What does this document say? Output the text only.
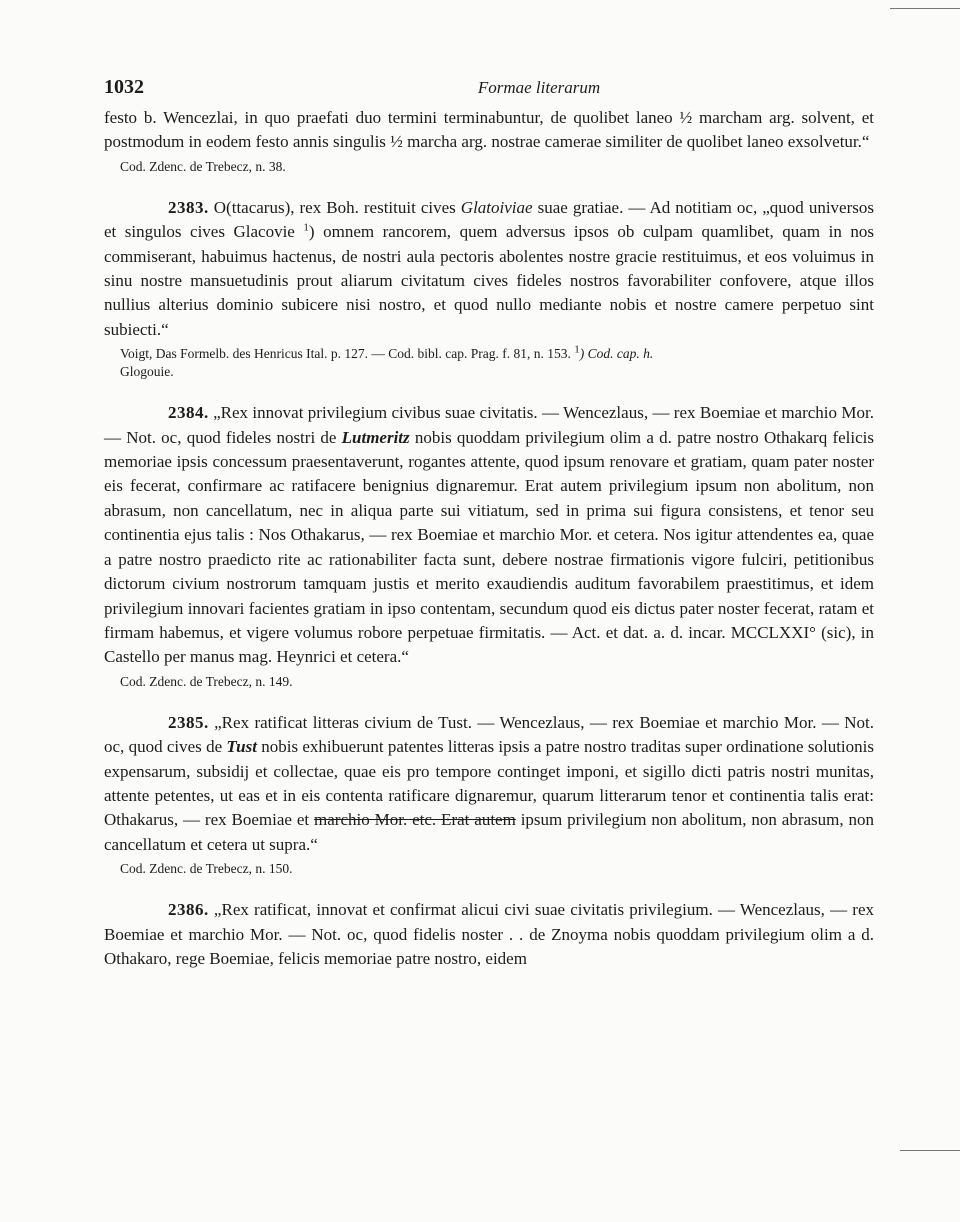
1032	Formae literarum

festo b. Wencezlai, in quo praefati duo termini terminabuntur, de quolibet laneo ½ marcham arg. solvent, et postmodum in eodem festo annis singulis ½ marcha arg. nostrae camerae similiter de quolibet laneo exsolvetur.“

Cod. Zdenc. de Trebecz, n. 38.

2383. O(ttacarus), rex Boh. restituit cives Glatoiviae suae gratiae. — Ad notitiam oc, „quod universos et singulos cives Glacovie $^1$) omnem rancorem, quem adversus ipsos ob culpam quamlibet, quam in nos commiserant, habuimus hactenus, de nostri aula pectoris abolentes nostre gracie restituimus, et eos voluimus in sinu nostre mansuetudinis prout aliarum civitatum cives fideles nostros favorabiliter confovere, atque illos nullius alterius dominio subicere nisi nostro, et quod nullo mediante nobis et nostre camere perpetuo sint subiecti.“

Voigt, Das Formelb. des Henricus Ital. p. 127. — Cod. bibl. cap. Prag. f. 81, n. 153. $^1$) Cod. cap. h.
Glogouie.

2384. „Rex innovat privilegium civibus suae civitatis. — Wencezlaus, — rex Boemiae et marchio Mor. — Not. oc, quod fideles nostri de Lutmeritz nobis quoddam privilegium olim a d. patre nostro Othakarq felicis memoriae ipsis concessum praesentaverunt, rogantes attente, quod ipsum renovare et gratiam, quam pater noster eis fecerat, confirmare ac ratifacere benignius dignaremur. Erat autem privilegium ipsum non abolitum, non abrasum, non cancellatum, nec in aliqua parte sui vitiatum, sed in prima sui figura consistens, et tenor seu continentia ejus talis : Nos Othakarus, — rex Boemiae et marchio Mor. et cetera. Nos igitur attendentes ea, quae a patre nostro praedicto rite ac rationabiliter facta sunt, debere nostrae firmationis vigore fulciri, petitionibus dictorum civium nostrorum tamquam justis et merito exaudiendis auditum favorabilem praestitimus, et idem privilegium innovari facientes gratiam in ipso contentam, secundum quod eis dictus pater noster fecerat, ratam et firmam habemus, et vigere volumus robore perpetuae firmitatis. — Act. et dat. a. d. incar. MCCLXXI° (sic), in Castello per manus mag. Heynrici et cetera.“

Cod. Zdenc. de Trebecz, n. 149.

2385. „Rex ratificat litteras civium de Tust. — Wencezlaus, — rex Boemiae et marchio Mor. — Not. oc, quod cives de Tust nobis exhibuerunt patentes litteras ipsis a patre nostro traditas super ordinatione solutionis expensarum, subsidij et collectae, quae eis pro tempore continget imponi, et sigillo dicti patris nostri munitas, attente petentes, ut eas et in eis contenta ratificare dignaremur, quarum litterarum tenor et continentia talis erat: Othakarus, — rex Boemiae et marchio Mor. etc. Erat autem ipsum privilegium non abolitum, non abrasum, non cancellatum et cetera ut supra.“

Cod. Zdenc. de Trebecz, n. 150.

2386. „Rex ratificat, innovat et confirmat alicui civi suae civitatis privilegium. — Wencezlaus, — rex Boemiae et marchio Mor. — Not. oc, quod fidelis noster . . de Znoyma nobis quoddam privilegium olim a d. Othakaro, rege Boemiae, felicis memoriae patre nostro, eidem
